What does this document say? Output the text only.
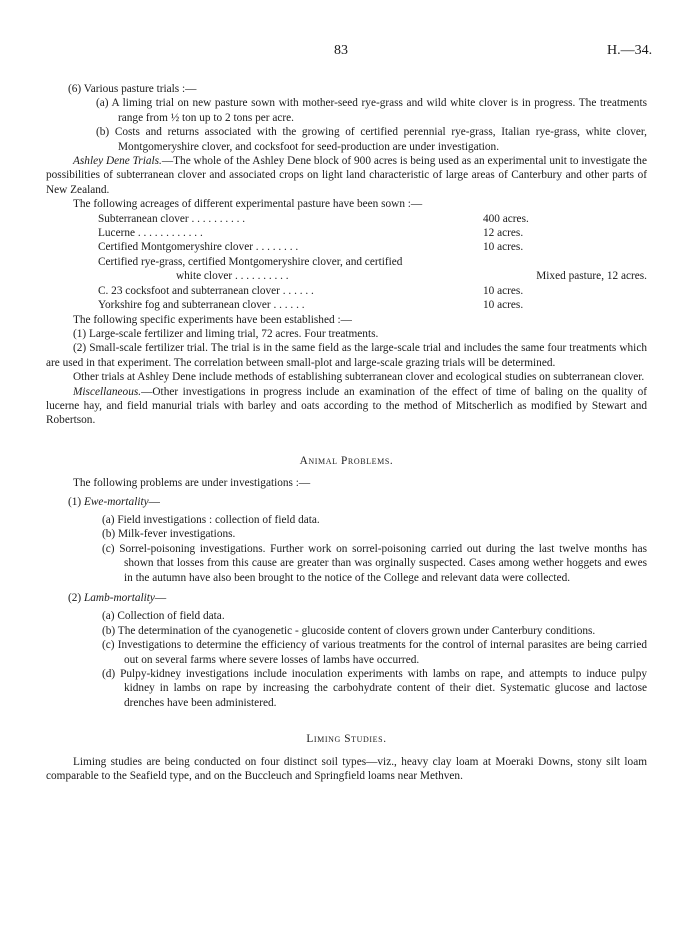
83	H.—34.

(6) Various pasture trials :—

(a) A liming trial on new pasture sown with mother-seed rye-grass and wild white clover is in progress. The treatments range from ½ ton up to 2 tons per acre.

(b) Costs and returns associated with the growing of certified perennial rye-grass, Italian rye-grass, white clover, Montgomeryshire clover, and cocksfoot for seed-production are under investigation.

Ashley Dene Trials.—The whole of the Ashley Dene block of 900 acres is being used as an experimental unit to investigate the possibilities of subterranean clover and associated crops on light land characteristic of large areas of Canterbury and other parts of New Zealand.

The following acreages of different experimental pasture have been sown :—

Subterranean clover . . . . . . . . . .	400 acres.
Lucerne . . . . . . . . . . . .	12 acres.
Certified Montgomeryshire clover . . . . . . . .	10 acres.
Certified rye-grass, certified Montgomeryshire clover, and certified
white clover . . . . . . . . . .	Mixed pasture, 12 acres.
C. 23 cocksfoot and subterranean clover . . . . . .	10 acres.
Yorkshire fog and subterranean clover . . . . . .	10 acres.

The following specific experiments have been established :—

(1) Large-scale fertilizer and liming trial, 72 acres. Four treatments.

(2) Small-scale fertilizer trial. The trial is in the same field as the large-scale trial and includes the same four treatments which are used in that experiment. The correlation between small-plot and large-scale grazing trials will be determined.

Other trials at Ashley Dene include methods of establishing subterranean clover and ecological studies on subterranean clover.

Miscellaneous.—Other investigations in progress include an examination of the effect of time of baling on the quality of lucerne hay, and field manurial trials with barley and oats according to the method of Mitscherlich as modified by Stewart and Robertson.

Animal Problems.

The following problems are under investigations :—

(1) Ewe-mortality—

(a) Field investigations : collection of field data.

(b) Milk-fever investigations.

(c) Sorrel-poisoning investigations. Further work on sorrel-poisoning carried out during the last twelve months has shown that losses from this cause are greater than was orginally suspected. Cases among wether hoggets and ewes in the autumn have also been brought to the notice of the College and relevant data were collected.

(2) Lamb-mortality—

(a) Collection of field data.

(b) The determination of the cyanogenetic - glucoside content of clovers grown under Canterbury conditions.

(c) Investigations to determine the efficiency of various treatments for the control of internal parasites are being carried out on several farms where severe losses of lambs have occurred.

(d) Pulpy-kidney investigations include inoculation experiments with lambs on rape, and attempts to induce pulpy kidney in lambs on rape by increasing the carbohydrate content of their diet. Systematic glucose and lactose drenches have been administered.

Liming Studies.

Liming studies are being conducted on four distinct soil types—viz., heavy clay loam at Moeraki Downs, stony silt loam comparable to the Seafield type, and on the Buccleuch and Springfield loams near Methven.
